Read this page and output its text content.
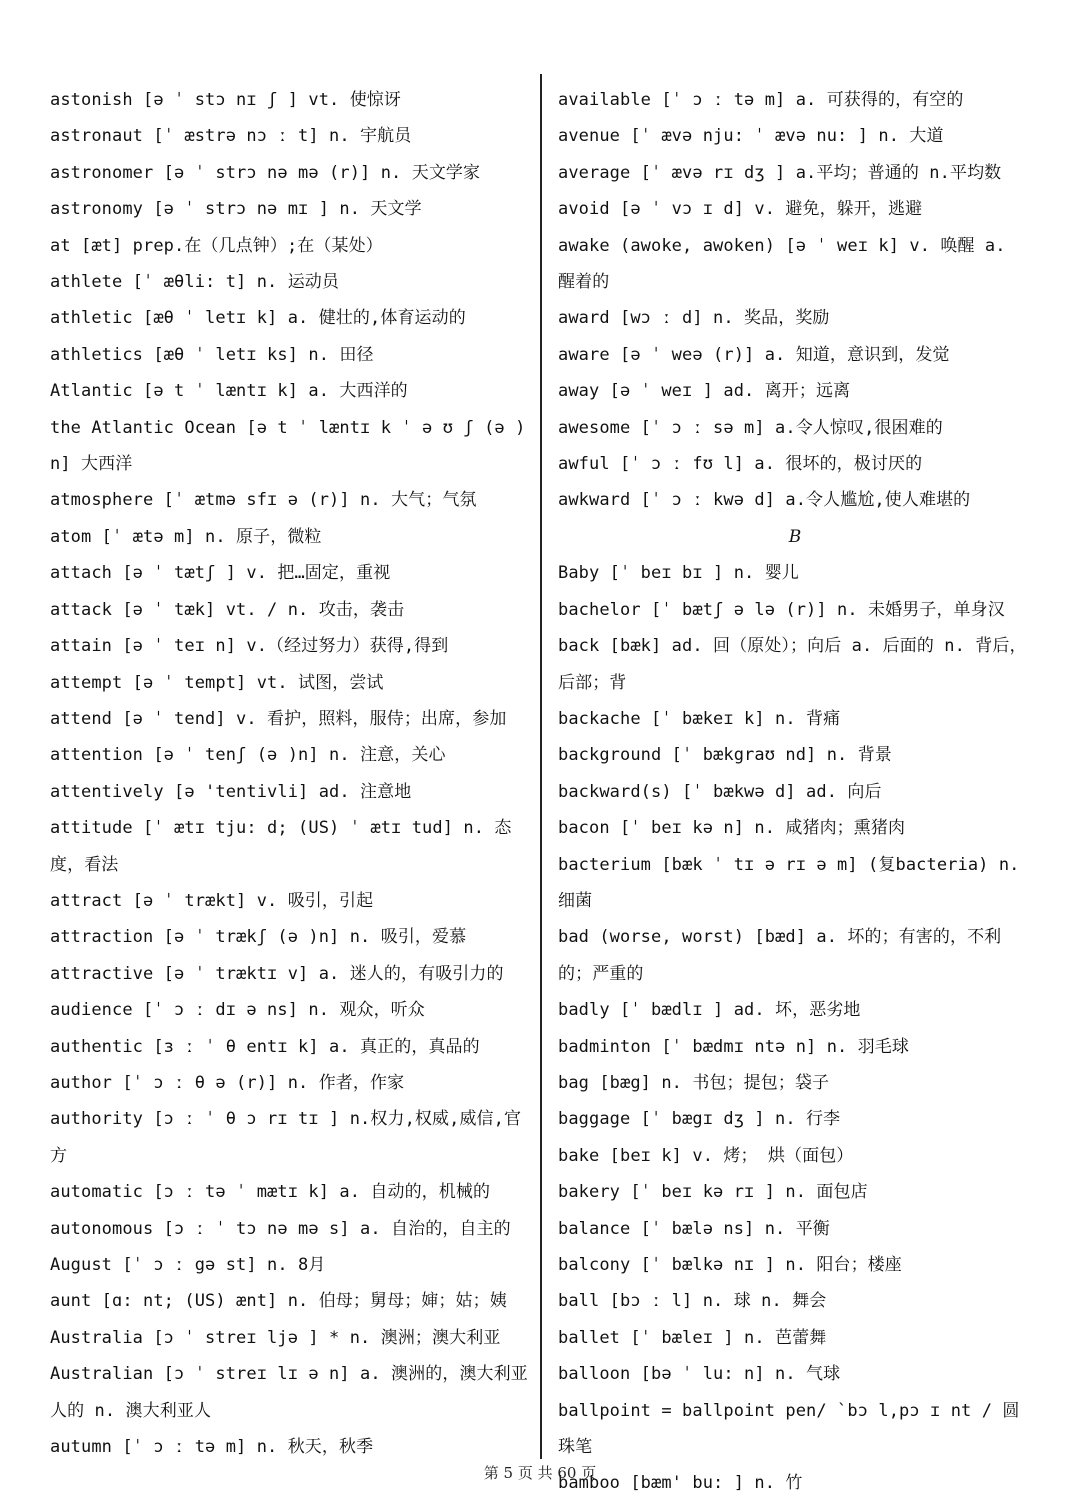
astonish [ə ˈ stɔ nɪ ʃ ] vt. 使惊讶
astronaut [ˈ æstrə nɔ ː t] n. 宇航员
astronomer [ə ˈ strɔ nə mə (r)] n. 天文学家
astronomy [ə ˈ strɔ nə mɪ ] n. 天文学
at [æt] prep.在（几点钟）;在（某处）
athlete [ˈ æθli: t] n. 运动员
athletic [æθ ˈ letɪ k] a. 健壮的,体育运动的
athletics [æθ ˈ letɪ ks] n. 田径
Atlantic [ə t ˈ læntɪ k] a. 大西洋的
the Atlantic Ocean [ə t ˈ læntɪ k ˈ ə ʊ ʃ (ə )n] 大西洋
atmosphere [ˈ ætmə sfɪ ə (r)] n. 大气；气氛
atom [ˈ ætə m] n. 原子，微粒
attach [ə ˈ tætʃ ] v. 把…固定，重视
attack [ə ˈ tæk] vt. / n. 攻击，袭击
attain [ə ˈ teɪ n] v.（经过努力）获得,得到
attempt [ə ˈ tempt] vt. 试图，尝试
attend [ə ˈ tend] v. 看护，照料，服侍；出席，参加
attention [ə ˈ tenʃ (ə )n] n. 注意，关心
attentively [ə 'tentivli] ad. 注意地
attitude [ˈ ætɪ tju: d; (US) ˈ ætɪ tud] n. 态度，看法
attract [ə ˈ trækt] v. 吸引，引起
attraction [ə ˈ trækʃ (ə )n] n. 吸引，爱慕
attractive [ə ˈ træktɪ v] a. 迷人的，有吸引力的
audience [ˈ ɔ ː dɪ ə ns] n. 观众，听众
authentic [ɜ ː ˈ θ entɪ k] a. 真正的，真品的
author [ˈ ɔ ː θ ə (r)] n. 作者，作家
authority [ɔ ː ˈ θ ɔ rɪ tɪ ] n.权力,权威,威信,官方
automatic [ɔ ː tə ˈ mætɪ k] a. 自动的，机械的
autonomous [ɔ ː ˈ tɔ nə mə s] a. 自治的，自主的
August [ˈ ɔ ː gə st] n. 8月
aunt [ɑ: nt; (US) ænt] n. 伯母；舅母；婶；姑；姨
Australia [ɔ ˈ streɪ ljə ] * n. 澳洲；澳大利亚
Australian [ɔ ˈ streɪ lɪ ə n] a. 澳洲的，澳大利亚人的 n. 澳大利亚人
autumn [ˈ ɔ ː tə m] n. 秋天，秋季
available [ˈ ɔ ː tə m] a. 可获得的，有空的
avenue [ˈ ævə nju: ˈ ævə nu: ] n. 大道
average [ˈ ævə rɪ dʒ ] a.平均；普通的 n.平均数
avoid [ə ˈ vɔ ɪ d] v. 避免，躲开，逃避
awake (awoke, awoken) [ə ˈ weɪ k] v. 唤醒 a. 醒着的
award [wɔ ː d] n. 奖品，奖励
aware [ə ˈ weə (r)] a. 知道，意识到，发觉
away [ə ˈ weɪ ] ad. 离开；远离
awesome [ˈ ɔ ː sə m] a.令人惊叹,很困难的
awful [ˈ ɔ ː fʊ l] a. 很坏的，极讨厌的
awkward [ˈ ɔ ː kwə d] a.令人尴尬,使人难堪的
B
Baby [ˈ beɪ bɪ ] n. 婴儿
bachelor [ˈ bætʃ ə lə (r)] n. 未婚男子，单身汉
back [bæk] ad. 回（原处）；向后 a. 后面的 n. 背后，后部；背
backache [ˈ bækeɪ k] n. 背痛
background [ˈ bækgraʊ nd] n. 背景
backward(s) [ˈ bækwə d] ad. 向后
bacon [ˈ beɪ kə n] n. 咸猪肉；熏猪肉
bacterium [bæk ˈ tɪ ə rɪ ə m] (复bacteria) n. 细菌
bad (worse, worst) [bæd] a. 坏的；有害的，不利的；严重的
badly [ˈ bædlɪ ] ad. 坏，恶劣地
badminton [ˈ bædmɪ ntə n] n. 羽毛球
bag [bæg] n. 书包；提包；袋子
baggage [ˈ bægɪ dʒ ] n. 行李
bake [beɪ k] v. 烤； 烘（面包）
bakery [ˈ beɪ kə rɪ ] n. 面包店
balance [ˈ bælə ns] n. 平衡
balcony [ˈ bælkə nɪ ] n. 阳台；楼座
ball [bɔ ː l] n. 球 n. 舞会
ballet [ˈ bæleɪ ] n. 芭蕾舞
balloon [bə ˈ lu: n] n. 气球
ballpoint = ballpoint pen/ `bɔ l,pɔ ɪ nt / 圆珠笔
bamboo [bæm' bu: ] n. 竹
第 5 页 共 60 页
